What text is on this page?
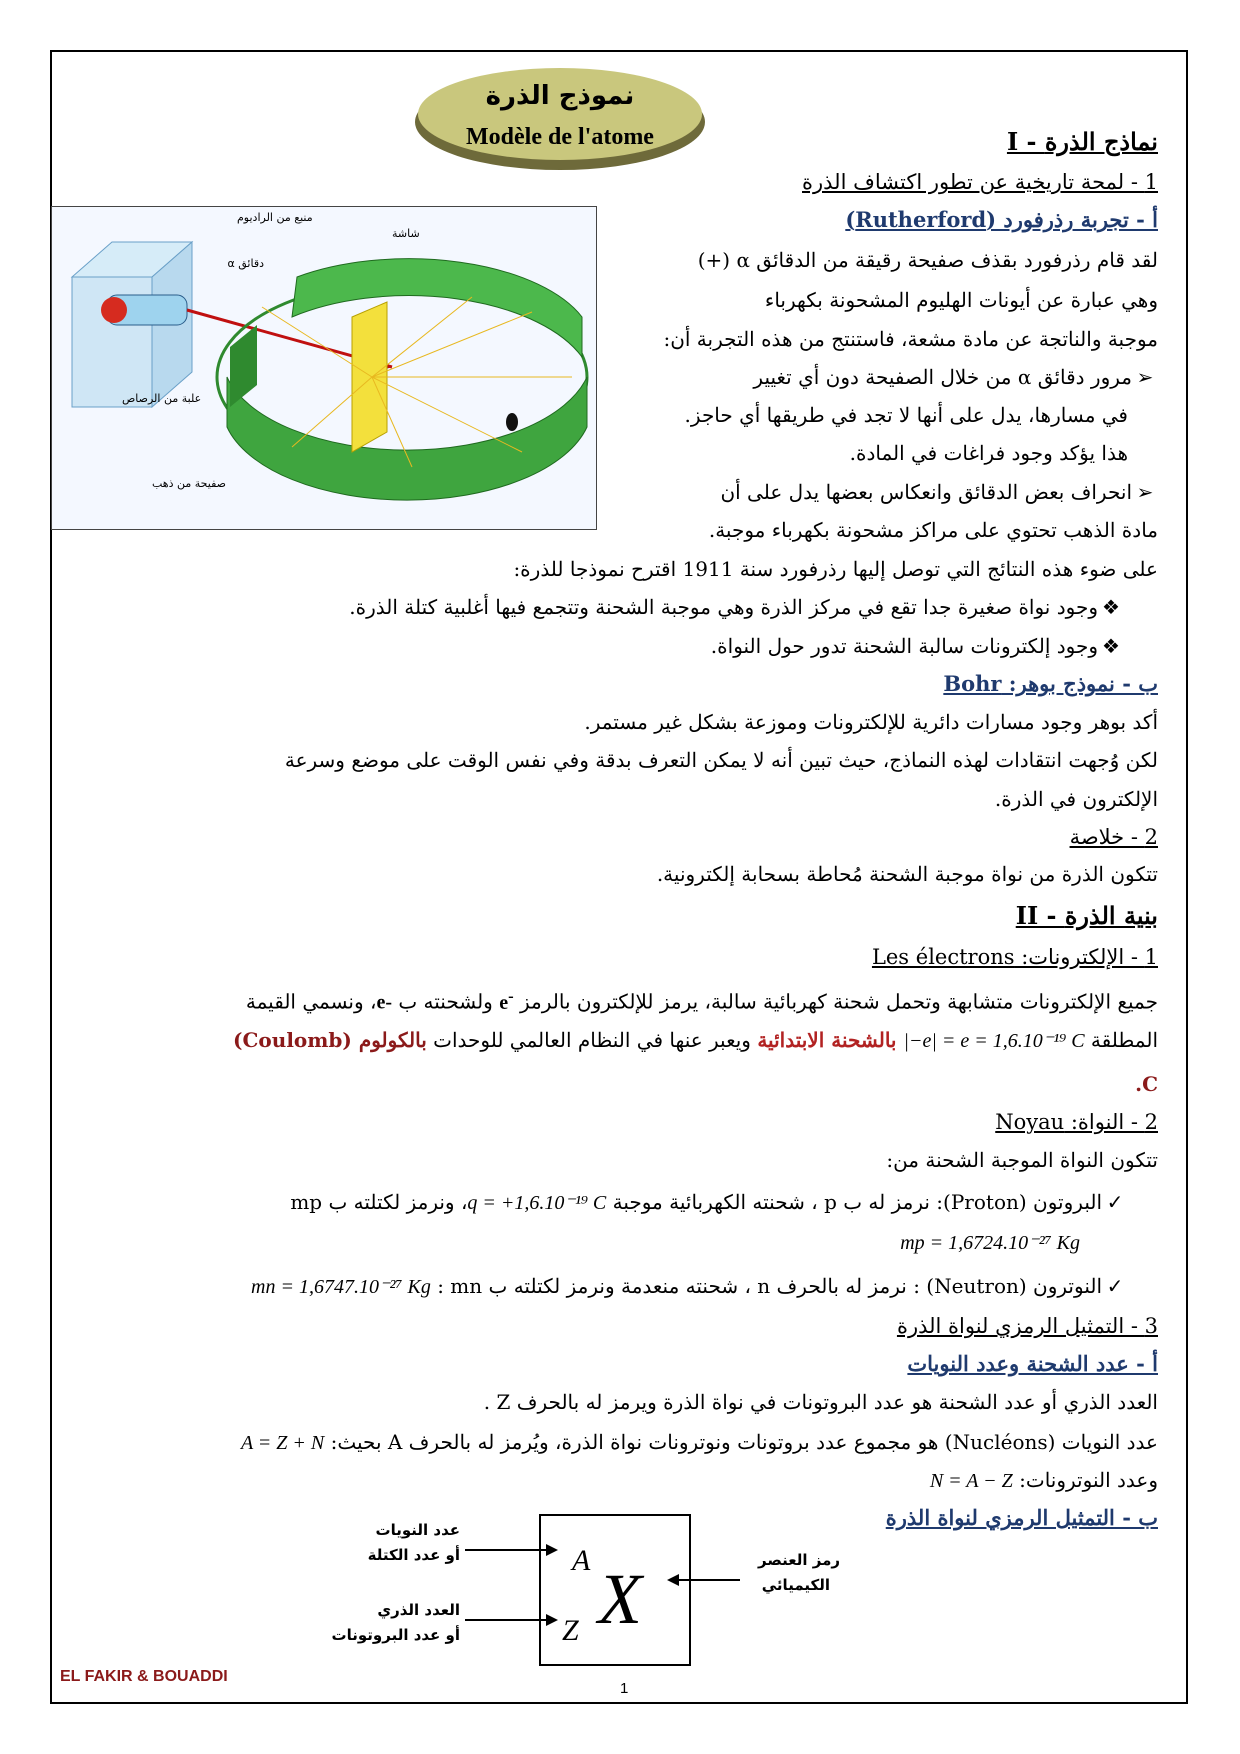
نموذج الذرة
Modèle de l'atome
منبع من الراديوم
شاشة
دقائق α
علبة من الرصاص
صفيحة من ذهب
I - نماذج الذرة
1 - لمحة تاريخية عن تطور اكتشاف الذرة
أ - تجربة رذرفورد (Rutherford)
لقد قام رذرفورد بقذف صفيحة رقيقة من الدقائق α (+)
وهي عبارة عن أيونات الهليوم المشحونة بكهرباء
موجبة والناتجة عن مادة مشعة، فاستنتج من هذه التجربة أن:
➢مرور دقائق α من خلال الصفيحة دون أي تغيير
في مسارها، يدل على أنها لا تجد في طريقها أي حاجز.
هذا يؤكد وجود فراغات في المادة.
➢انحراف بعض الدقائق وانعكاس بعضها يدل على أن
مادة الذهب تحتوي على مراكز مشحونة بكهرباء موجبة.
على ضوء هذه النتائج التي توصل إليها رذرفورد سنة 1911 اقترح نموذجا للذرة:
❖وجود نواة صغيرة جدا تقع في مركز الذرة وهي موجبة الشحنة وتتجمع فيها أغلبية كتلة الذرة.
❖وجود إلكترونات سالبة الشحنة تدور حول النواة.
ب - نموذج بوهر: Bohr
أكد بوهر وجود مسارات دائرية للإلكترونات وموزعة بشكل غير مستمر.
لكن وُجهت انتقادات لهذه النماذج، حيث تبين أنه لا يمكن التعرف بدقة وفي نفس الوقت على موضع وسرعة
الإلكترون في الذرة.
2 - خلاصة
تتكون الذرة من نواة موجبة الشحنة مُحاطة بسحابة إلكترونية.
II - بنية الذرة
1 - الإلكترونات: Les électrons
جميع الإلكترونات متشابهة وتحمل شحنة كهربائية سالبة، يرمز للإلكترون بالرمز e- ولشحنته ب e-، ونسمي القيمة
المطلقة |−e| = e = 1,6.10⁻¹⁹ C بالشحنة الابتدائية ويعبر عنها في النظام العالمي للوحدات بالكولوم (Coulomb)
.C
2 - النواة: Noyau
تتكون النواة الموجبة الشحنة من:
✓البروتون (Proton): نرمز له ب p ، شحنته الكهربائية موجبة q = +1,6.10⁻¹⁹ C، ونرمز لكتلته ب mp
mp = 1,6724.10⁻²⁷ Kg
✓النوترون (Neutron) : نرمز له بالحرف n ، شحنته منعدمة ونرمز لكتلته ب mn : mn = 1,6747.10⁻²⁷ Kg
3 - التمثيل الرمزي لنواة الذرة
أ - عدد الشحنة وعدد النويات
العدد الذري أو عدد الشحنة هو عدد البروتونات في نواة الذرة ويرمز له بالحرف Z .
عدد النويات (Nucléons) هو مجموع عدد بروتونات ونوترونات نواة الذرة، ويُرمز له بالحرف A بحيث: A = Z + N
وعدد النوترونات: N = A − Z
ب - التمثيل الرمزي لنواة الذرة
A
Z X
عدد النويات
أو عدد الكتلة
العدد الذري
أو عدد البروتونات
رمز العنصر
الكيميائي
EL FAKIR & BOUADDI
1
